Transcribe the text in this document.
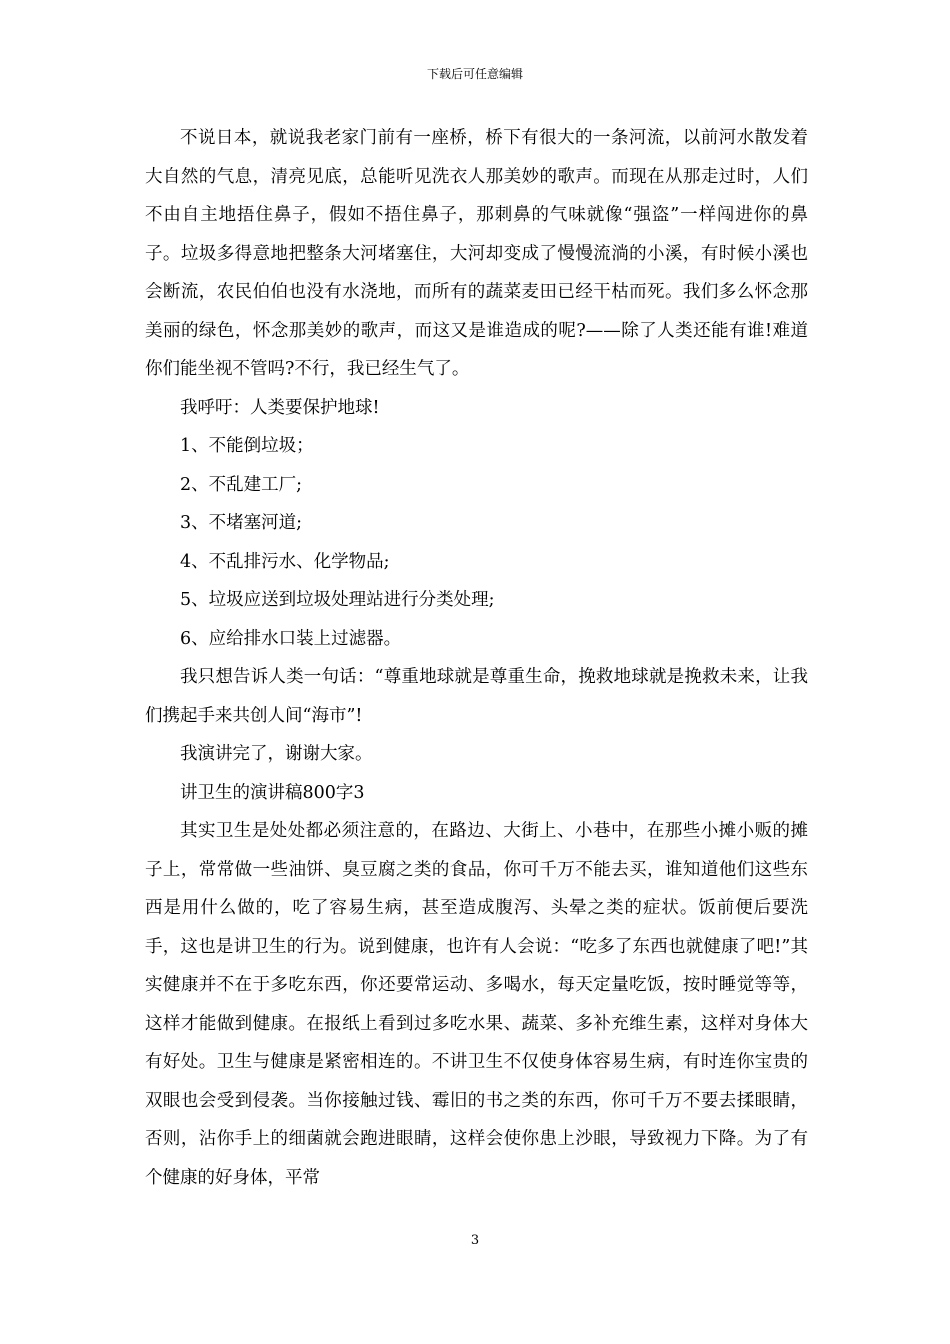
下载后可任意编辑

不说日本，就说我老家门前有一座桥，桥下有很大的一条河流，以前河水散发着大自然的气息，清亮见底，总能听见洗衣人那美妙的歌声。而现在从那走过时，人们不由自主地捂住鼻子，假如不捂住鼻子，那刺鼻的气味就像“强盗”一样闯进你的鼻子。垃圾多得意地把整条大河堵塞住，大河却变成了慢慢流淌的小溪，有时候小溪也会断流，农民伯伯也没有水浇地，而所有的蔬菜麦田已经干枯而死。我们多么怀念那美丽的绿色，怀念那美妙的歌声，而这又是谁造成的呢?——除了人类还能有谁!难道你们能坐视不管吗?不行，我已经生气了。

我呼吁：人类要保护地球!

1、不能倒垃圾；

2、不乱建工厂;

3、不堵塞河道;

4、不乱排污水、化学物品;

5、垃圾应送到垃圾处理站进行分类处理;

6、应给排水口装上过滤器。

我只想告诉人类一句话：“尊重地球就是尊重生命，挽救地球就是挽救未来，让我们携起手来共创人间“海市”!

我演讲完了，谢谢大家。

讲卫生的演讲稿800字3

其实卫生是处处都必须注意的，在路边、大街上、小巷中，在那些小摊小贩的摊子上，常常做一些油饼、臭豆腐之类的食品，你可千万不能去买，谁知道他们这些东西是用什么做的，吃了容易生病，甚至造成腹泻、头晕之类的症状。饭前便后要洗手，这也是讲卫生的行为。说到健康，也许有人会说：“吃多了东西也就健康了吧!”其实健康并不在于多吃东西，你还要常运动、多喝水，每天定量吃饭，按时睡觉等等，这样才能做到健康。在报纸上看到过多吃水果、蔬菜、多补充维生素，这样对身体大有好处。卫生与健康是紧密相连的。不讲卫生不仅使身体容易生病，有时连你宝贵的双眼也会受到侵袭。当你接触过钱、霉旧的书之类的东西，你可千万不要去揉眼睛，否则，沾你手上的细菌就会跑进眼睛，这样会使你患上沙眼，导致视力下降。为了有个健康的好身体，平常

3
